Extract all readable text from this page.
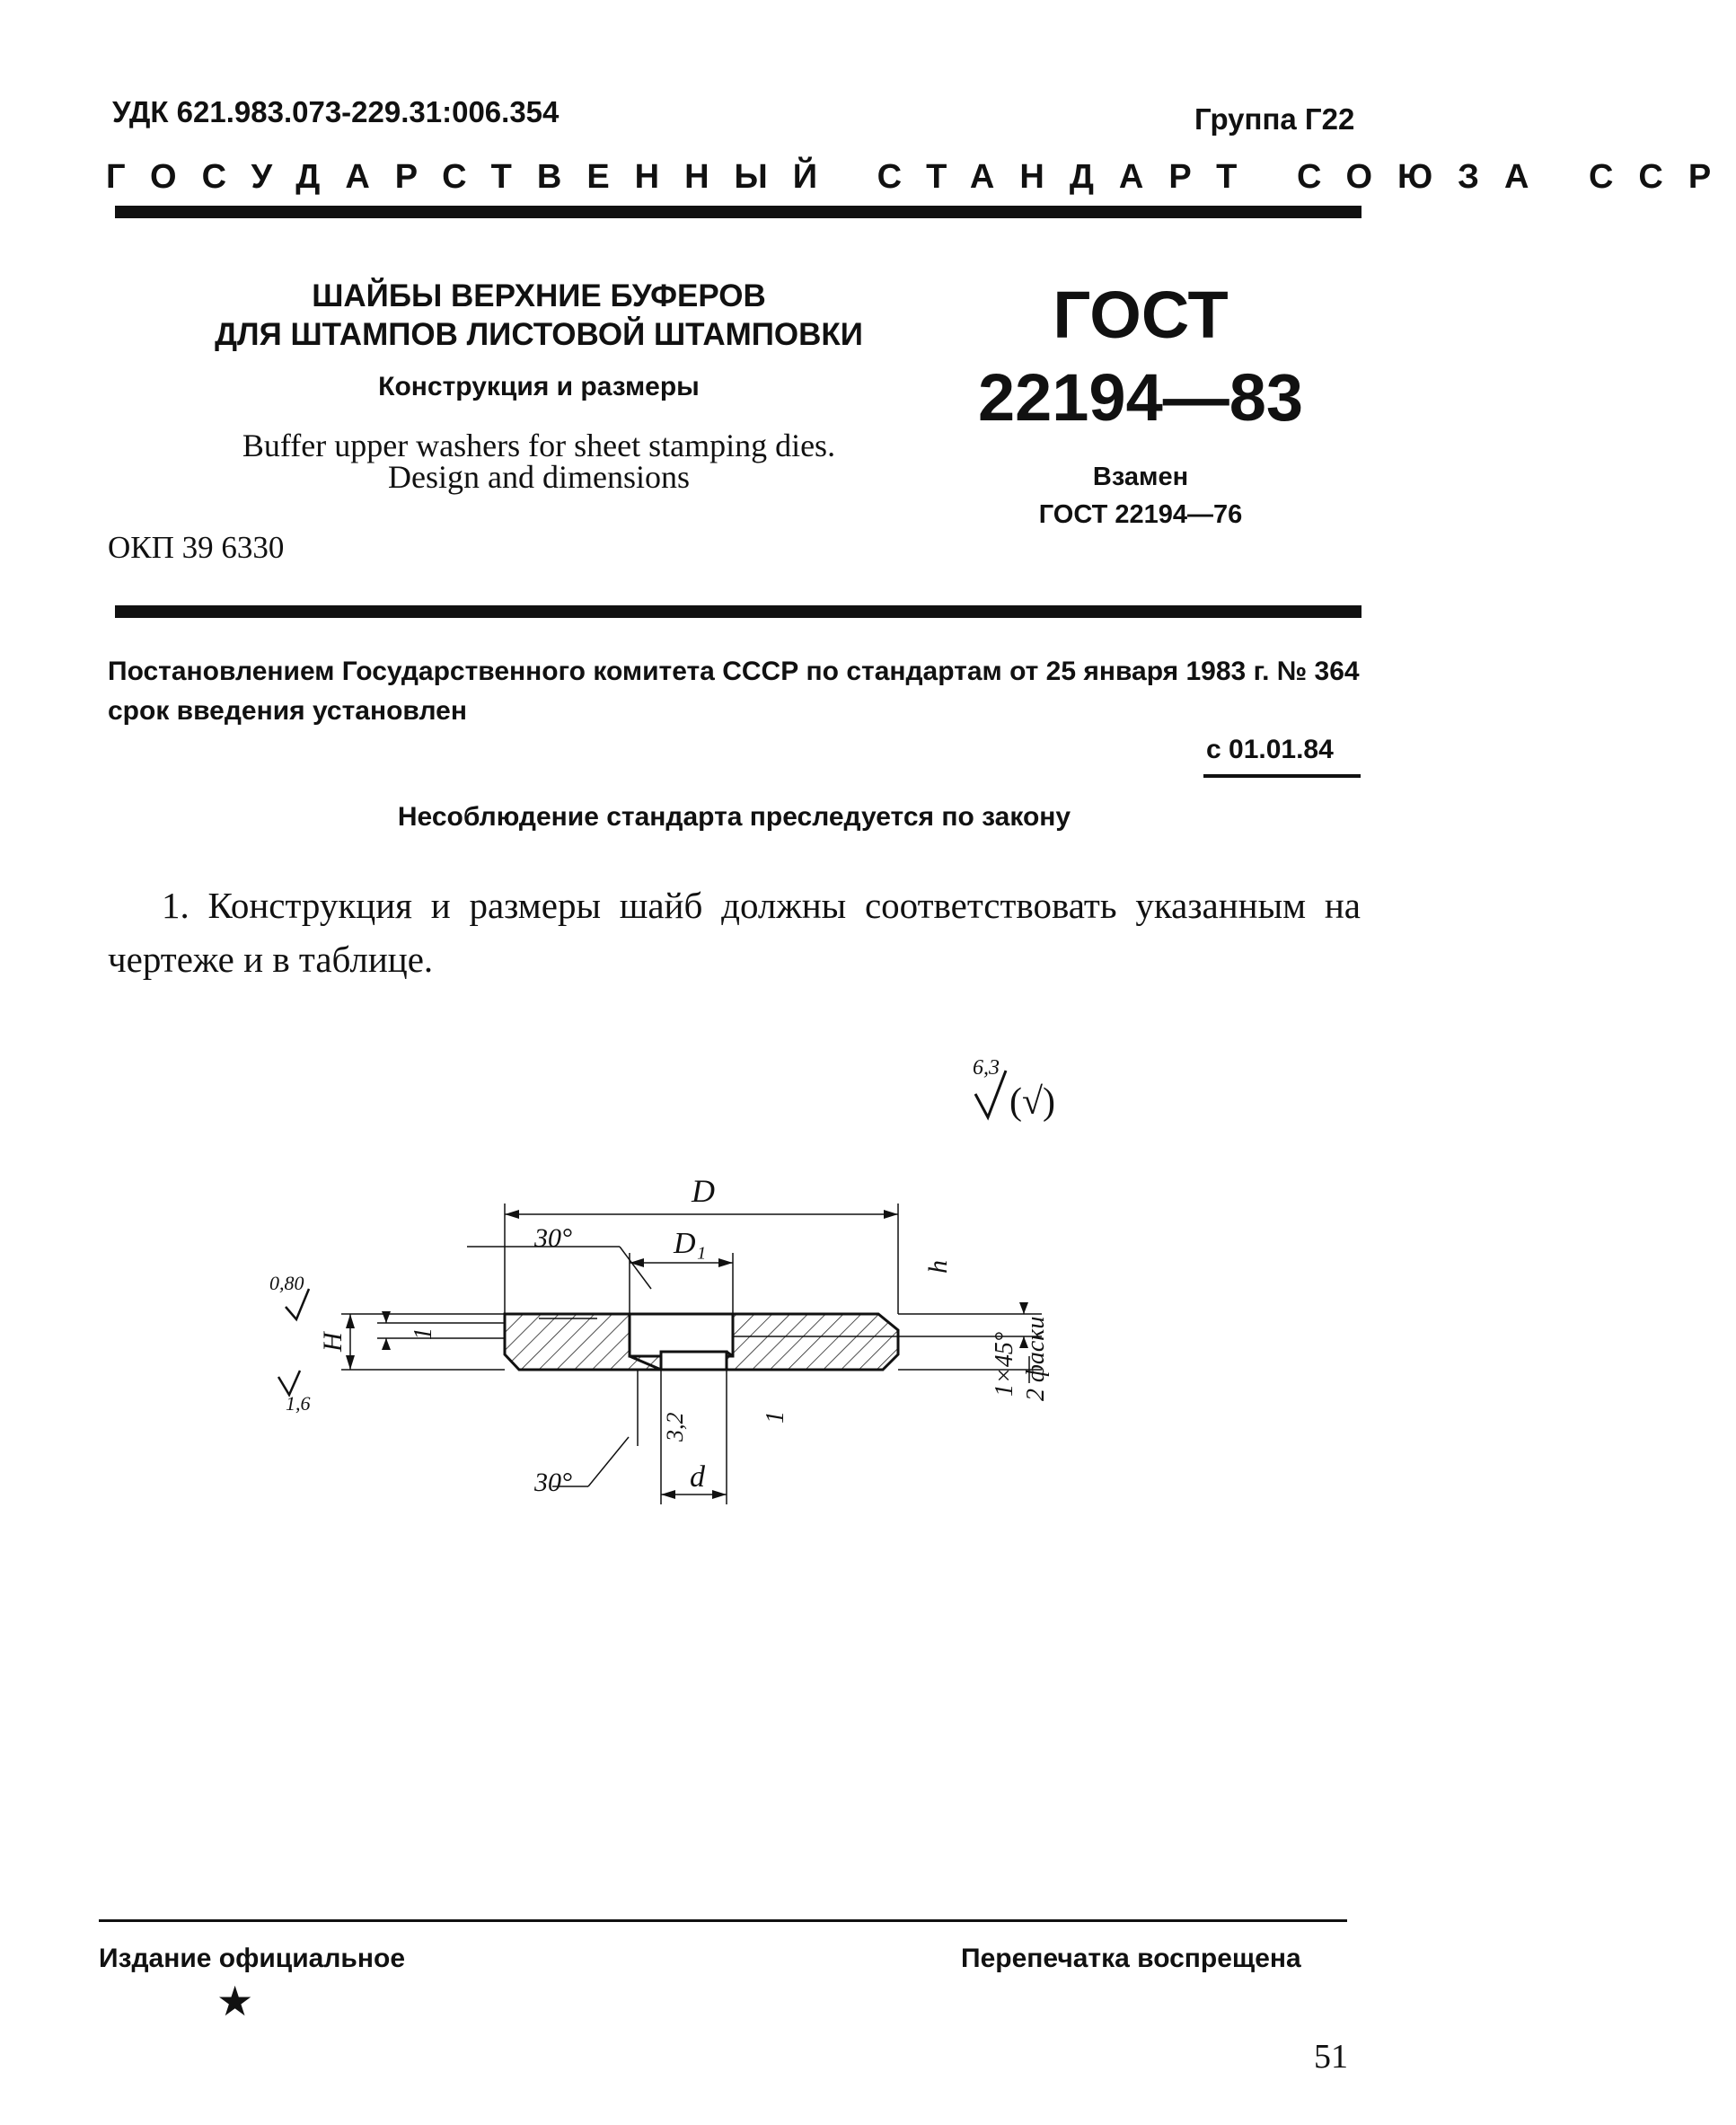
УДК 621.983.073-229.31:006.354	Группа Г22
ГОСУДАРСТВЕННЫЙ СТАНДАРТ СОЮЗА ССР
ШАЙБЫ ВЕРХНИЕ БУФЕРОВ
ДЛЯ ШТАМПОВ ЛИСТОВОЙ ШТАМПОВКИ
Конструкция и размеры
Buffer upper washers for sheet stamping dies.
Design and dimensions
ГОСТ
22194—83
Взамен
ГОСТ 22194—76
ОКП 39 6330
Постановлением Государственного комитета СССР по стандартам от 25 января 1983 г. № 364 срок введения установлен
с 01.01.84
Несоблюдение стандарта преследуется по закону

1. Конструкция и размеры шайб должны соответствовать указанным на чертеже и в таблице.

6,3
(√)
D
D₁
30°
30°
0,80
1,6
H 1
h
1×45° 2 фаски
3,2	1
d
Издание официальное	Перепечатка воспрещена
★
51
